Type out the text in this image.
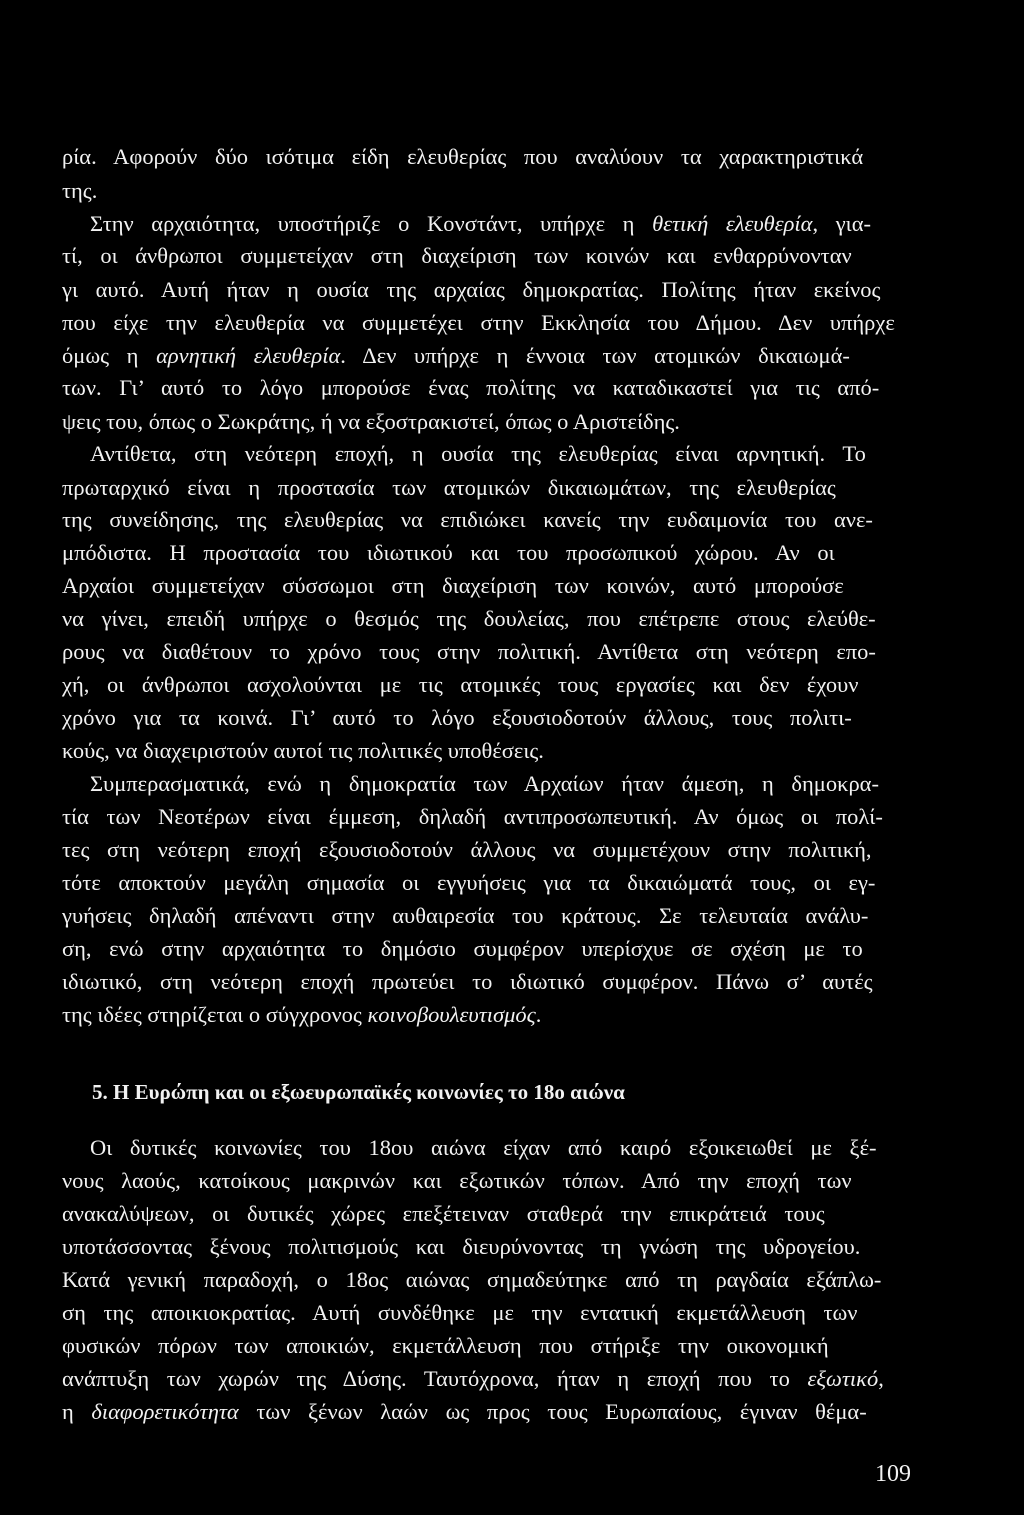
ρία. Αφορούν δύο ισότιμα είδη ελευθερίας που αναλύουν τα χαρακτηριστικά
της.
Στην αρχαιότητα, υποστήριζε ο Κονστάντ, υπήρχε η θετική ελευθερία, για-
τί, οι άνθρωποι συμμετείχαν στη διαχείριση των κοινών και ενθαρρύνονταν
γι αυτό. Αυτή ήταν η ουσία της αρχαίας δημοκρατίας. Πολίτης ήταν εκείνος
που είχε την ελευθερία να συμμετέχει στην Εκκλησία του Δήμου. Δεν υπήρχε
όμως η αρνητική ελευθερία. Δεν υπήρχε η έννοια των ατομικών δικαιωμά-
των. Γι’ αυτό το λόγο μπορούσε ένας πολίτης να καταδικαστεί για τις από-
ψεις του, όπως ο Σωκράτης, ή να εξοστρακιστεί, όπως ο Αριστείδης.
Αντίθετα, στη νεότερη εποχή, η ουσία της ελευθερίας είναι αρνητική. Το
πρωταρχικό είναι η προστασία των ατομικών δικαιωμάτων, της ελευθερίας
της συνείδησης, της ελευθερίας να επιδιώκει κανείς την ευδαιμονία του ανε-
μπόδιστα. Η προστασία του ιδιωτικού και του προσωπικού χώρου. Αν οι
Αρχαίοι συμμετείχαν σύσσωμοι στη διαχείριση των κοινών, αυτό μπορούσε
να γίνει, επειδή υπήρχε ο θεσμός της δουλείας, που επέτρεπε στους ελεύθε-
ρους να διαθέτουν το χρόνο τους στην πολιτική. Αντίθετα στη νεότερη επο-
χή, οι άνθρωποι ασχολούνται με τις ατομικές τους εργασίες και δεν έχουν
χρόνο για τα κοινά. Γι’ αυτό το λόγο εξουσιοδοτούν άλλους, τους πολιτι-
κούς, να διαχειριστούν αυτοί τις πολιτικές υποθέσεις.
Συμπερασματικά, ενώ η δημοκρατία των Αρχαίων ήταν άμεση, η δημοκρα-
τία των Νεοτέρων είναι έμμεση, δηλαδή αντιπροσωπευτική. Αν όμως οι πολί-
τες στη νεότερη εποχή εξουσιοδοτούν άλλους να συμμετέχουν στην πολιτική,
τότε αποκτούν μεγάλη σημασία οι εγγυήσεις για τα δικαιώματά τους, οι εγ-
γυήσεις δηλαδή απέναντι στην αυθαιρεσία του κράτους. Σε τελευταία ανάλυ-
ση, ενώ στην αρχαιότητα το δημόσιο συμφέρον υπερίσχυε σε σχέση με το
ιδιωτικό, στη νεότερη εποχή πρωτεύει το ιδιωτικό συμφέρον. Πάνω σ’ αυτές
της ιδέες στηρίζεται ο σύγχρονος κοινοβουλευτισμός.
5. Η Ευρώπη και οι εξωευρωπαϊκές κοινωνίες το 18ο αιώνα
Οι δυτικές κοινωνίες του 18ου αιώνα είχαν από καιρό εξοικειωθεί με ξέ-
νους λαούς, κατοίκους μακρινών και εξωτικών τόπων. Από την εποχή των
ανακαλύψεων, οι δυτικές χώρες επεξέτειναν σταθερά την επικράτειά τους
υποτάσσοντας ξένους πολιτισμούς και διευρύνοντας τη γνώση της υδρογείου.
Κατά γενική παραδοχή, ο 18ος αιώνας σημαδεύτηκε από τη ραγδαία εξάπλω-
ση της αποικιοκρατίας. Αυτή συνδέθηκε με την εντατική εκμετάλλευση των
φυσικών πόρων των αποικιών, εκμετάλλευση που στήριξε την οικονομική
ανάπτυξη των χωρών της Δύσης. Ταυτόχρονα, ήταν η εποχή που το εξωτικό,
η διαφορετικότητα των ξένων λαών ως προς τους Ευρωπαίους, έγιναν θέμα-
109
